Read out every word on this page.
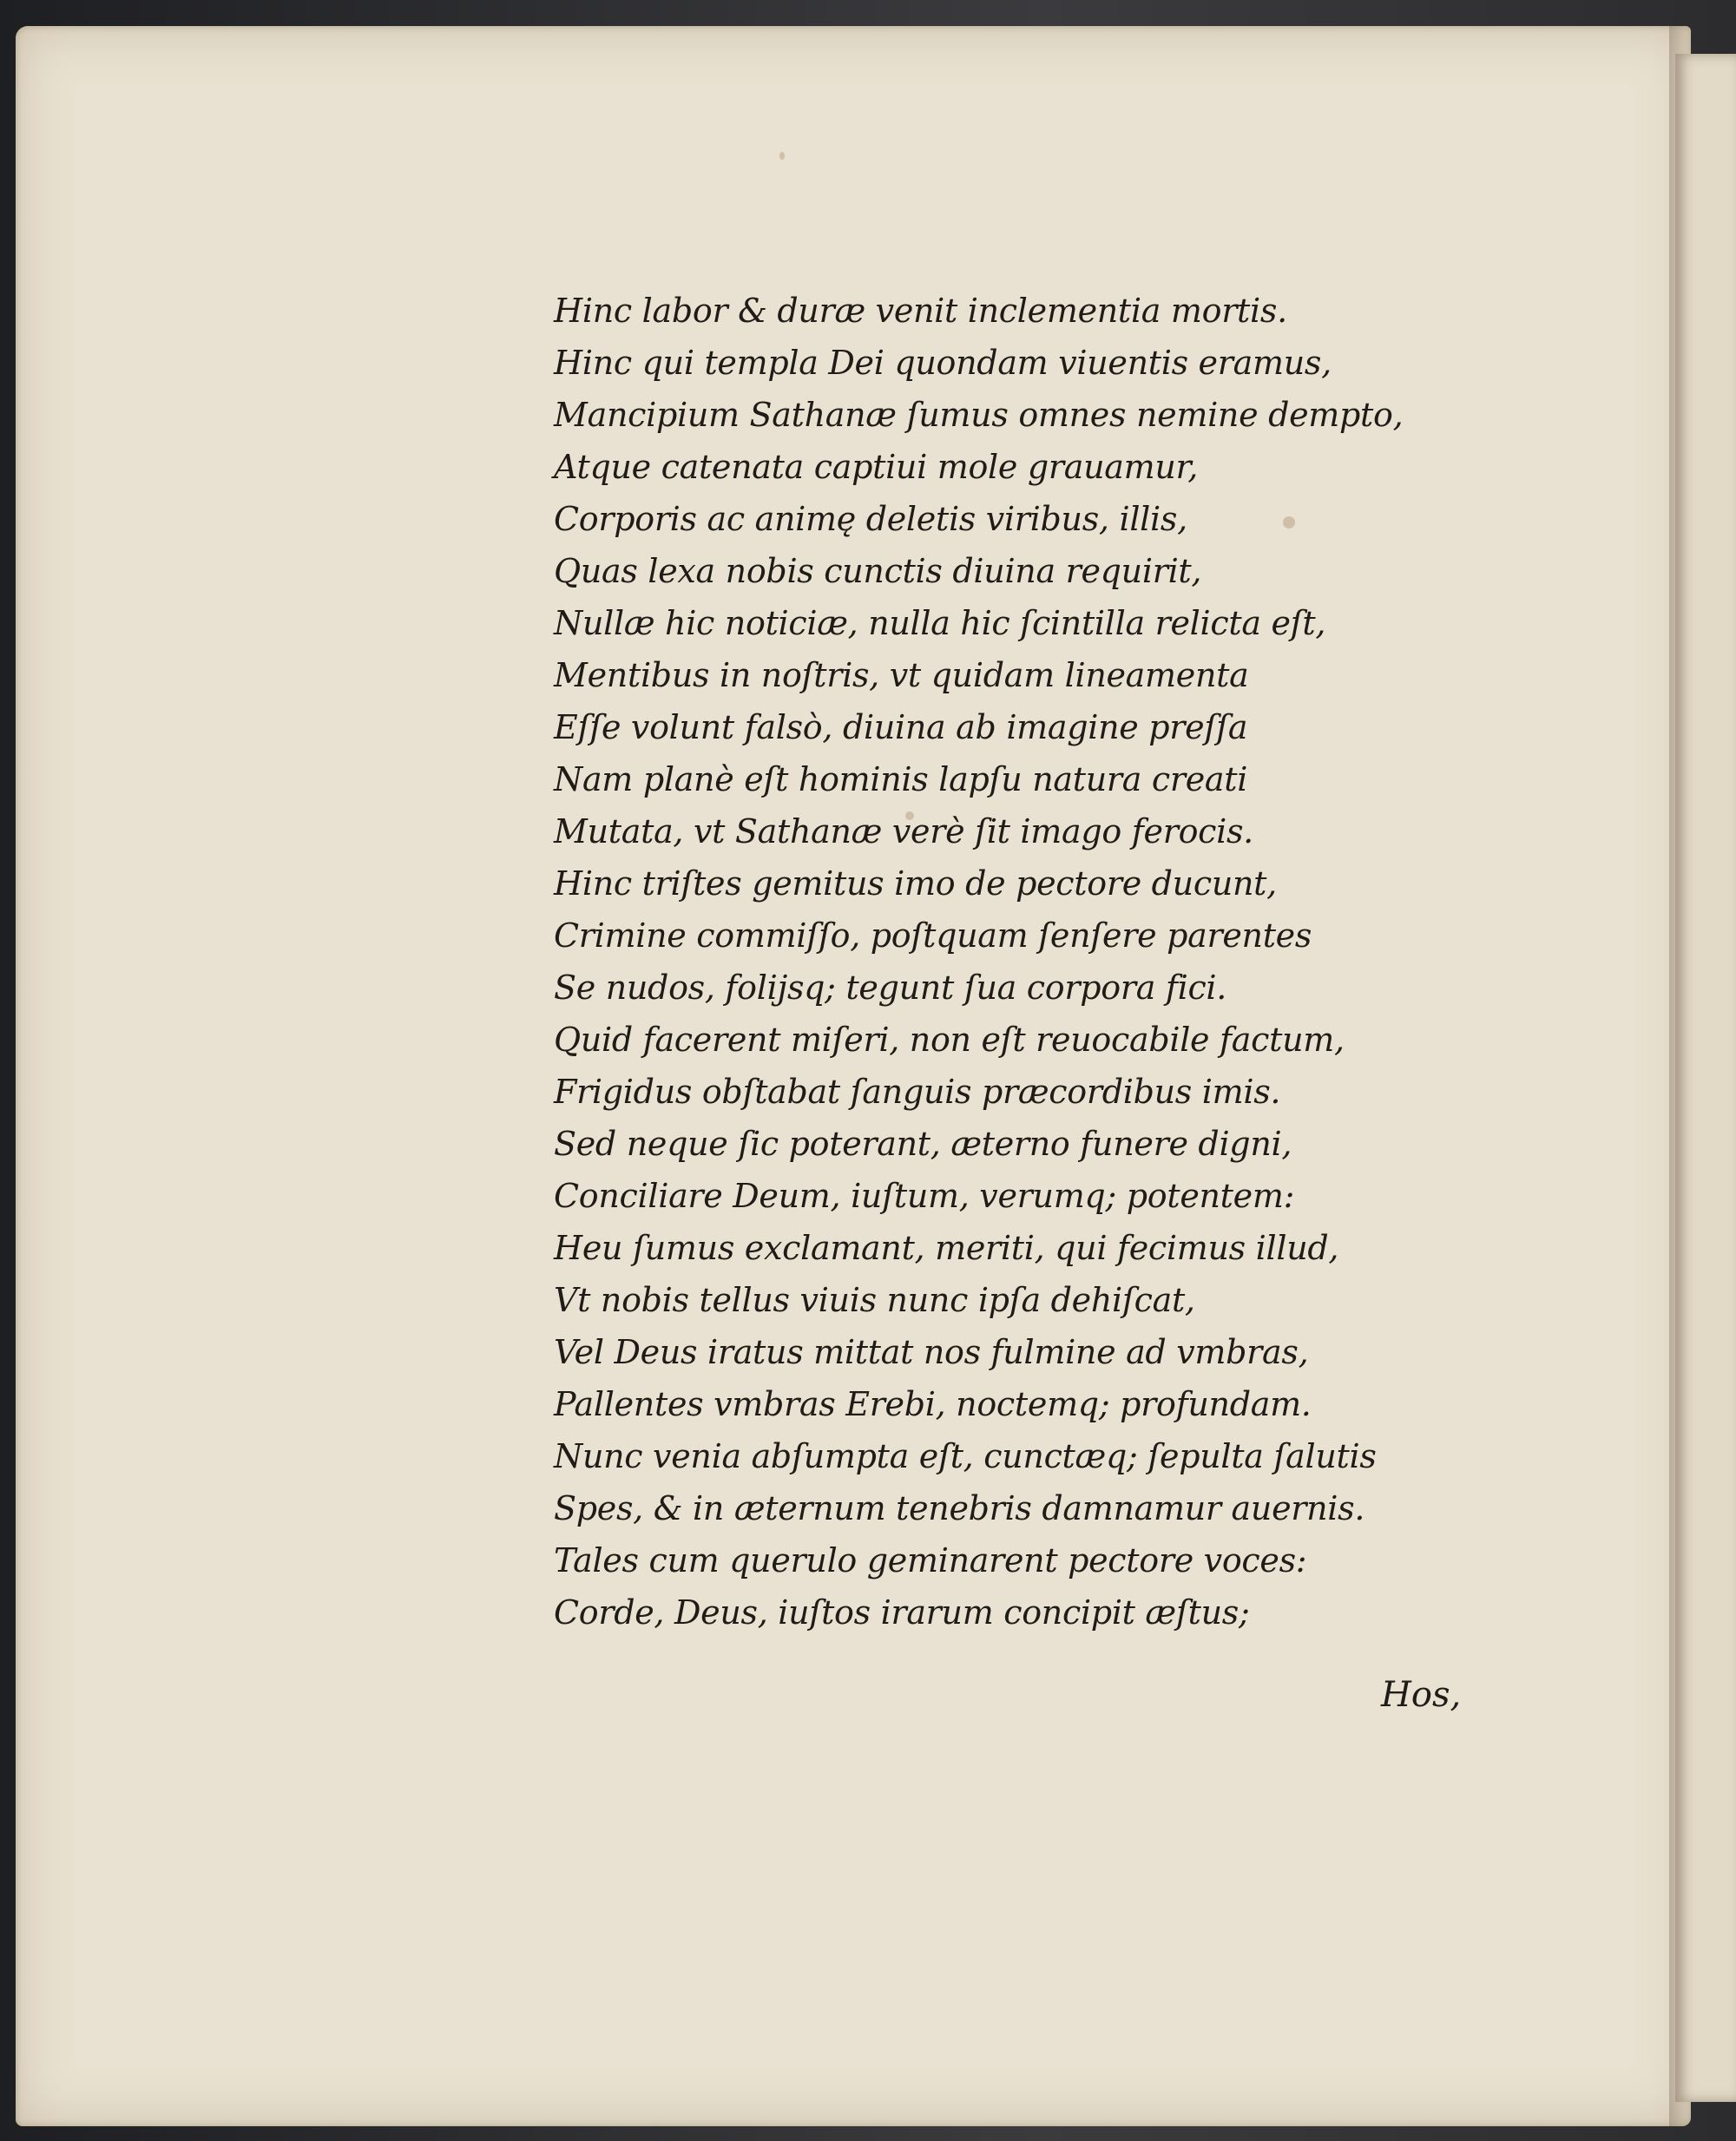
Hinc labor & duræ venit inclementia mortis.
Hinc qui templa Dei quondam viuentis eramus,
Mancipium Sathanæ ſumus omnes nemine dempto,
Atque catenata captiui mole grauamur,
Corporis ac animę deletis viribus, illis,
Quas lexa nobis cunctis diuina requirit,
Nullæ hic noticiæ, nulla hic ſcintilla relicta eſt,
Mentibus in noſtris, vt quidam lineamenta
Eſſe volunt falsò, diuina ab imagine preſſa
Nam planè eſt hominis lapſu natura creati
Mutata, vt Sathanæ verè ſit imago ferocis.
Hinc triſtes gemitus imo de pectore ducunt,
Crimine commiſſo, poſtquam ſenſere parentes
Se nudos, folijsq; tegunt ſua corpora fici.
Quid facerent miſeri, non eſt reuocabile factum,
Frigidus obſtabat ſanguis præcordibus imis.
Sed neque ſic poterant, æterno funere digni,
Conciliare Deum, iuſtum, verumq; potentem:
Heu ſumus exclamant, meriti, qui fecimus illud,
Vt nobis tellus viuis nunc ipſa dehiſcat,
Vel Deus iratus mittat nos fulmine ad vmbras,
Pallentes vmbras Erebi, noctemq; profundam.
Nunc venia abſumpta eſt, cunctæq; ſepulta ſalutis
Spes, & in æternum tenebris damnamur auernis.
Tales cum querulo geminarent pectore voces:
Corde, Deus, iuſtos irarum concipit æſtus;
Hos,
